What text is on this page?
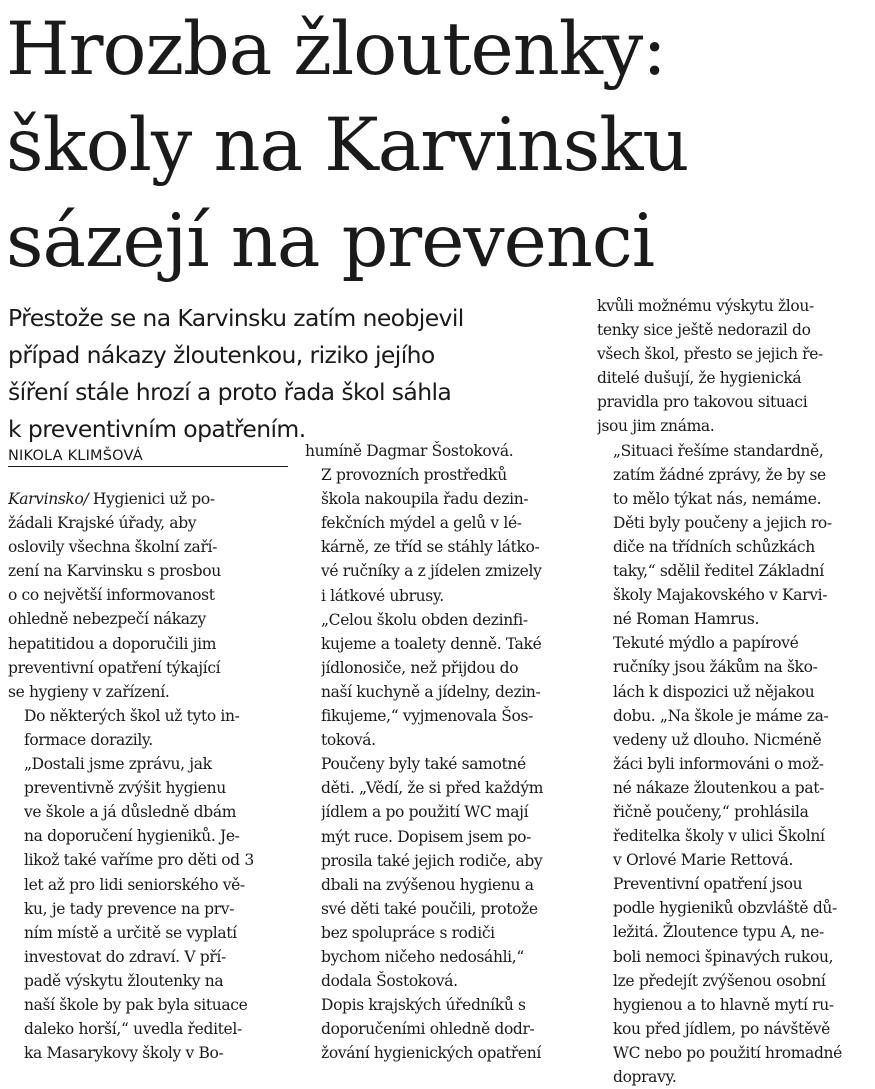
Hrozba žloutenky:
školy na Karvinsku
sázejí na prevenci
Přestože se na Karvinsku zatím neobjevil
případ nákazy žloutenkou, riziko jejího
šíření stále hrozí a proto řada škol sáhla
k preventivním opatřením.
NIKOLA KLIMŠOVÁ

Karvinsko/ Hygienici už po-
žádali Krajské úřady, aby
oslovily všechna školní zaří-
zení na Karvinsku s prosbou
o co největší informovanost
ohledně nebezpečí nákazy
hepatitidou a doporučili jim
preventivní opatření týkající
se hygieny v zařízení.

Do některých škol už tyto in-
formace dorazily.

„Dostali jsme zprávu, jak
preventivně zvýšit hygienu
ve škole a já důsledně dbám
na doporučení hygieniků. Je-
likož také vaříme pro děti od 3
let až pro lidi seniorského vě-
ku, je tady prevence na prv-
ním místě a určitě se vyplatí
investovat do zdraví. V pří-
padě výskytu žloutenky na
naší škole by pak byla situace
daleko horší,“ uvedla ředitel-
ka Masarykovy školy v Bo-

humíně Dagmar Šostoková.

Z provozních prostředků
škola nakoupila řadu dezin-
fekčních mýdel a gelů v lé-
kárně, ze tříd se stáhly látko-
vé ručníky a z jídelen zmizely
i látkové ubrusy.

„Celou školu obden dezinfi-
kujeme a toalety denně. Také
jídlonosiče, než přijdou do
naší kuchyně a jídelny, dezin-
fikujeme,“ vyjmenovala Šos-
toková.

Poučeny byly také samotné
děti. „Vědí, že si před každým
jídlem a po použití WC mají
mýt ruce. Dopisem jsem po-
prosila také jejich rodiče, aby
dbali na zvýšenou hygienu a
své děti také poučili, protože
bez spolupráce s rodiči
bychom ničeho nedosáhli,“
dodala Šostoková.

Dopis krajských úředníků s
doporučeními ohledně dodr-
žování hygienických opatření

kvůli možnému výskytu žlou-
tenky sice ještě nedorazil do
všech škol, přesto se jejich ře-
ditelé dušují, že hygienická
pravidla pro takovou situaci
jsou jim známa.

„Situaci řešíme standardně,
zatím žádné zprávy, že by se
to mělo týkat nás, nemáme.
Děti byly poučeny a jejich ro-
diče na třídních schůzkách
taky,“ sdělil ředitel Základní
školy Majakovského v Karvi-
né Roman Hamrus.

Tekuté mýdlo a papírové
ručníky jsou žákům na ško-
lách k dispozici už nějakou
dobu. „Na škole je máme za-
vedeny už dlouho. Nicméně
žáci byli informováni o mož-
né nákaze žloutenkou a pat-
řičně poučeny,“ prohlásila
ředitelka školy v ulici Školní
v Orlové Marie Rettová.

Preventivní opatření jsou
podle hygieniků obzvláště dů-
ležitá. Žloutence typu A, ne-
boli nemoci špinavých rukou,
lze předejít zvýšenou osobní
hygienou a to hlavně mytí ru-
kou před jídlem, po návštěvě
WC nebo po použití hromadné
dopravy.
